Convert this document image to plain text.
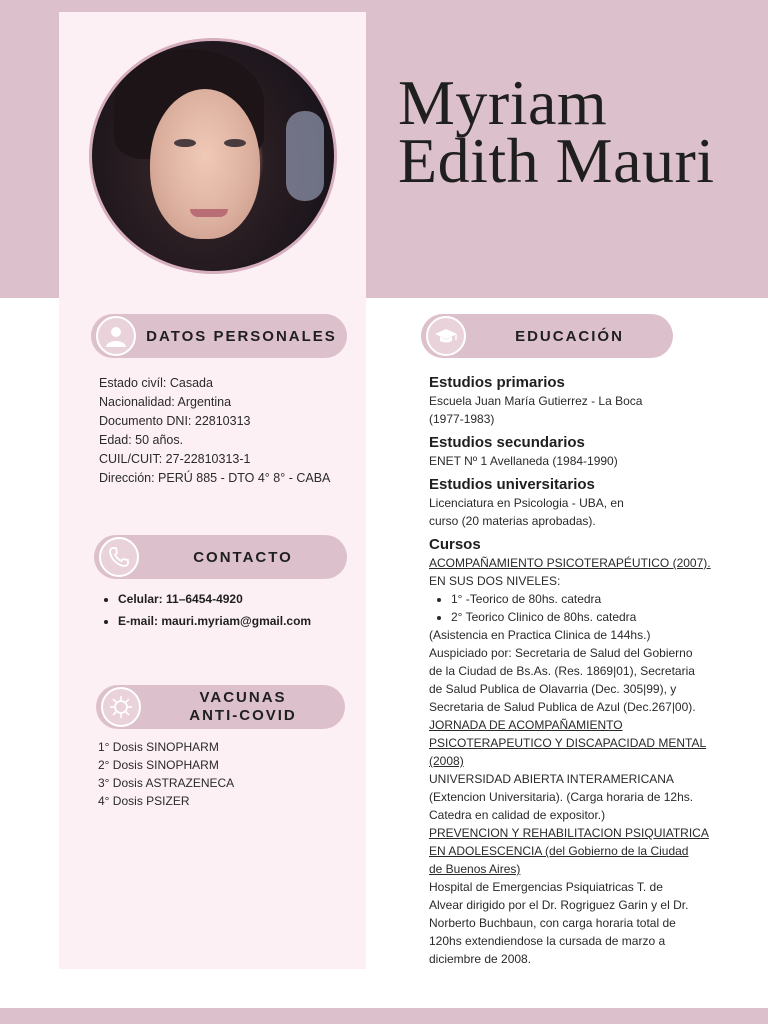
Myriam
Edith Mauri
DATOS PERSONALES
Estado civíl: Casada
Nacionalidad: Argentina
Documento DNI: 22810313
Edad: 50 años.
CUIL/CUIT: 27-22810313-1
Dirección: PERÚ 885 - DTO 4° 8° - CABA
CONTACTO
• Celular: 11–6454-4920
• E-mail: mauri.myriam@gmail.com
VACUNAS
ANTI-COVID
1° Dosis SINOPHARM
2° Dosis SINOPHARM
3° Dosis ASTRAZENECA
4° Dosis PSIZER
EDUCACIÓN
Estudios primarios
Escuela Juan María Gutierrez - La Boca
(1977-1983)
Estudios secundarios
ENET Nº 1 Avellaneda (1984-1990)
Estudios universitarios
Licenciatura en Psicologia - UBA, en
curso (20 materias aprobadas).
Cursos
ACOMPAÑAMIENTO PSICOTERAPÉUTICO (2007).
EN SUS DOS NIVELES:
• 1° -Teorico de 80hs. catedra
• 2° Teorico Clinico de 80hs. catedra
(Asistencia en Practica Clinica de 144hs.)
Auspiciado por: Secretaria de Salud del Gobierno
de la Ciudad de Bs.As. (Res. 1869|01), Secretaria
de Salud Publica de Olavarria (Dec. 305|99), y
Secretaria de Salud Publica de Azul (Dec.267|00).
JORNADA DE ACOMPAÑAMIENTO
PSICOTERAPEUTICO Y DISCAPACIDAD MENTAL
(2008)
UNIVERSIDAD ABIERTA INTERAMERICANA
(Extencion Universitaria). (Carga horaria de 12hs.
Catedra en calidad de expositor.)
PREVENCION Y REHABILITACION PSIQUIATRICA
EN ADOLESCENCIA (del Gobierno de la Ciudad
de Buenos Aires)
Hospital de Emergencias Psiquiatricas T. de
Alvear dirigido por el Dr. Rogriguez Garin y el Dr.
Norberto Buchbaun, con carga horaria total de
120hs extendiendose la cursada de marzo a
diciembre de 2008.
